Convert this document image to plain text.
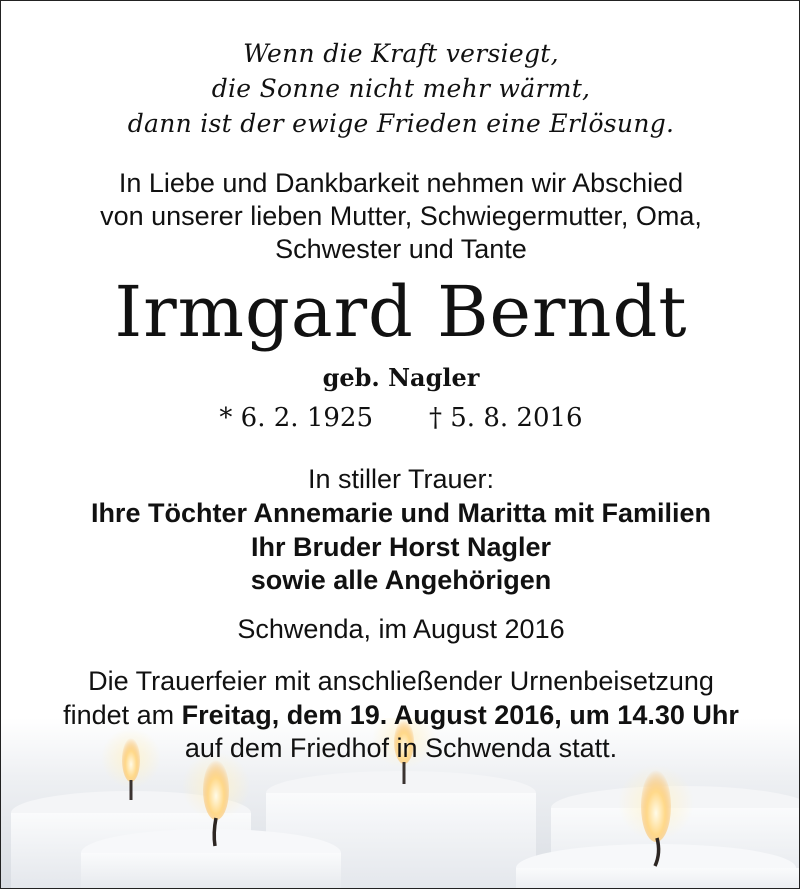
Wenn die Kraft versiegt,
die Sonne nicht mehr wärmt,
dann ist der ewige Frieden eine Erlösung.
In Liebe und Dankbarkeit nehmen wir Abschied
von unserer lieben Mutter, Schwiegermutter, Oma,
Schwester und Tante
Irmgard Berndt
geb. Nagler
* 6. 2. 1925 † 5. 8. 2016
In stiller Trauer:
Ihre Töchter Annemarie und Maritta mit Familien
Ihr Bruder Horst Nagler
sowie alle Angehörigen
Schwenda, im August 2016
Die Trauerfeier mit anschließender Urnenbeisetzung
findet am Freitag, dem 19. August 2016, um 14.30 Uhr
auf dem Friedhof in Schwenda statt.
